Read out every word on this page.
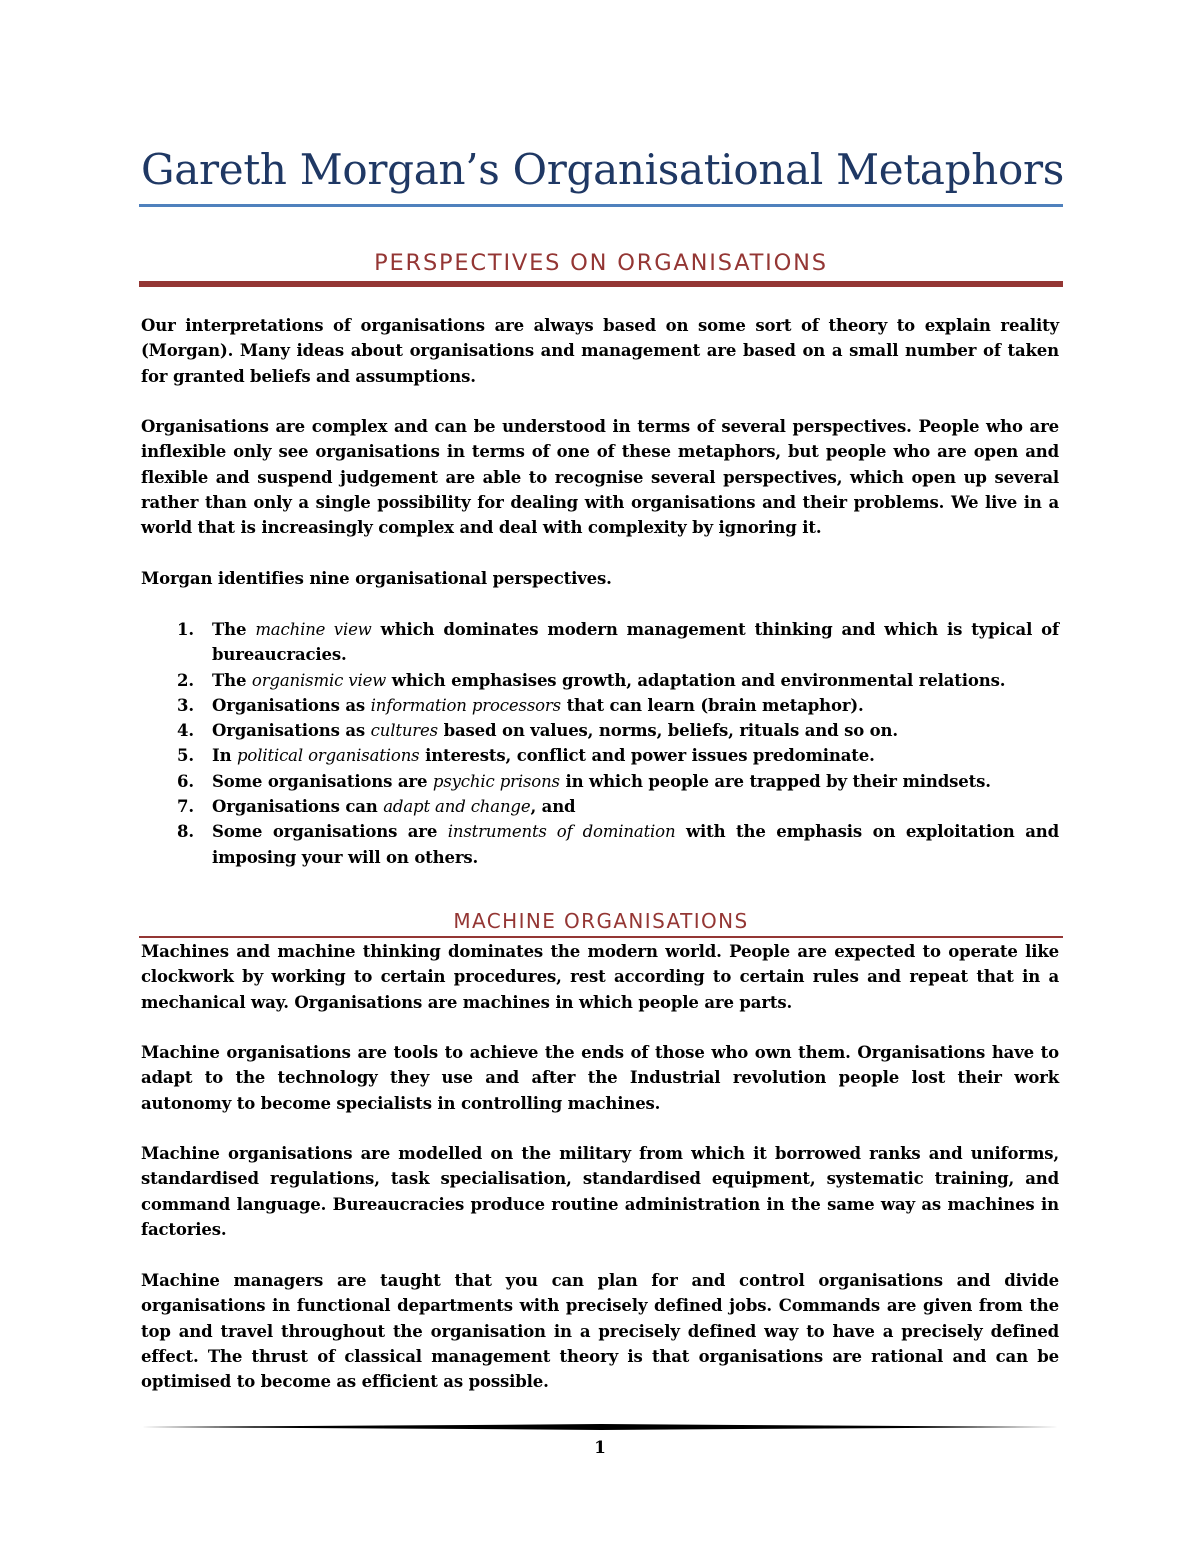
Gareth Morgan’s Organisational Metaphors
PERSPECTIVES ON ORGANISATIONS
Our interpretations of organisations are always based on some sort of theory to explain reality
(Morgan). Many ideas about organisations and management are based on a small number of taken
for granted beliefs and assumptions.
Organisations are complex and can be understood in terms of several perspectives. People who are
inflexible only see organisations in terms of one of these metaphors, but people who are open and
flexible and suspend judgement are able to recognise several perspectives, which open up several
rather than only a single possibility for dealing with organisations and their problems. We live in a
world that is increasingly complex and deal with complexity by ignoring it.
Morgan identifies nine organisational perspectives.
1. The machine view which dominates modern management thinking and which is typical of
bureaucracies.
2. The organismic view which emphasises growth, adaptation and environmental relations.
3. Organisations as information processors that can learn (brain metaphor).
4. Organisations as cultures based on values, norms, beliefs, rituals and so on.
5. In political organisations interests, conflict and power issues predominate.
6. Some organisations are psychic prisons in which people are trapped by their mindsets.
7. Organisations can adapt and change, and
8. Some organisations are instruments of domination with the emphasis on exploitation and
imposing your will on others.
MACHINE ORGANISATIONS
Machines and machine thinking dominates the modern world. People are expected to operate like
clockwork by working to certain procedures, rest according to certain rules and repeat that in a
mechanical way. Organisations are machines in which people are parts.
Machine organisations are tools to achieve the ends of those who own them. Organisations have to
adapt to the technology they use and after the Industrial revolution people lost their work
autonomy to become specialists in controlling machines.
Machine organisations are modelled on the military from which it borrowed ranks and uniforms,
standardised regulations, task specialisation, standardised equipment, systematic training, and
command language. Bureaucracies produce routine administration in the same way as machines in
factories.
Machine managers are taught that you can plan for and control organisations and divide
organisations in functional departments with precisely defined jobs. Commands are given from the
top and travel throughout the organisation in a precisely defined way to have a precisely defined
effect. The thrust of classical management theory is that organisations are rational and can be
optimised to become as efficient as possible.
1
